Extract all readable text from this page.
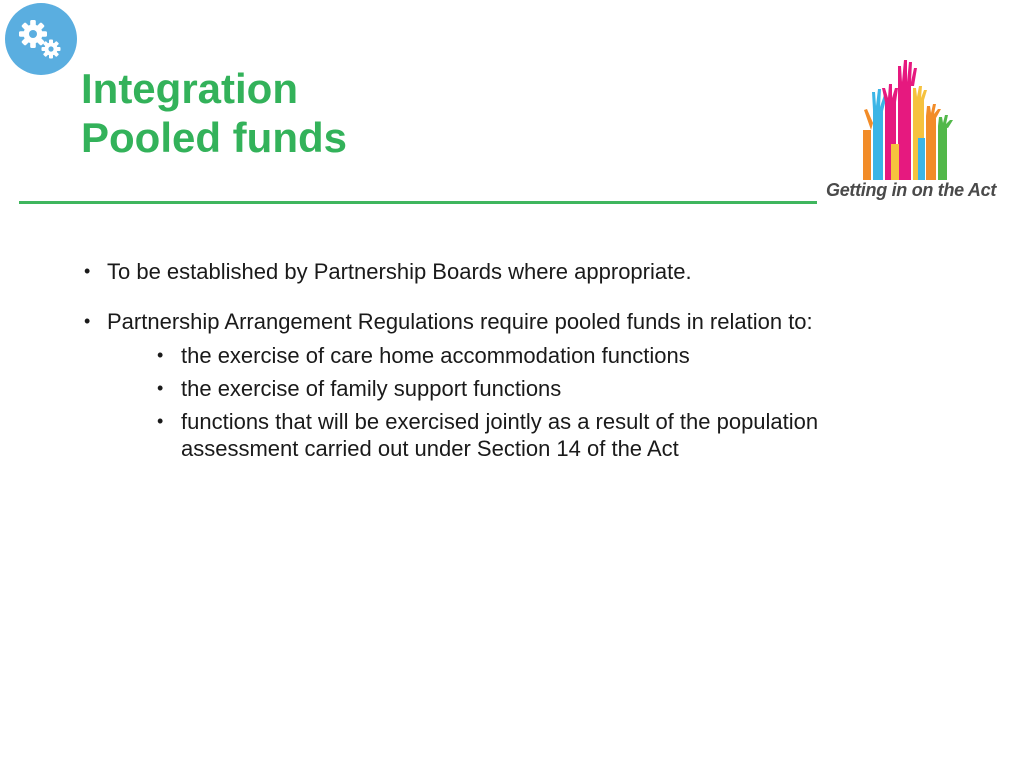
Integration
Pooled funds
Getting in on the Act
• To be established by Partnership Boards where appropriate.
• Partnership Arrangement Regulations require pooled funds in relation to:
• the exercise of care home accommodation functions
• the exercise of family support functions
• functions that will be exercised jointly as a result of the population
assessment carried out under Section 14 of the Act
